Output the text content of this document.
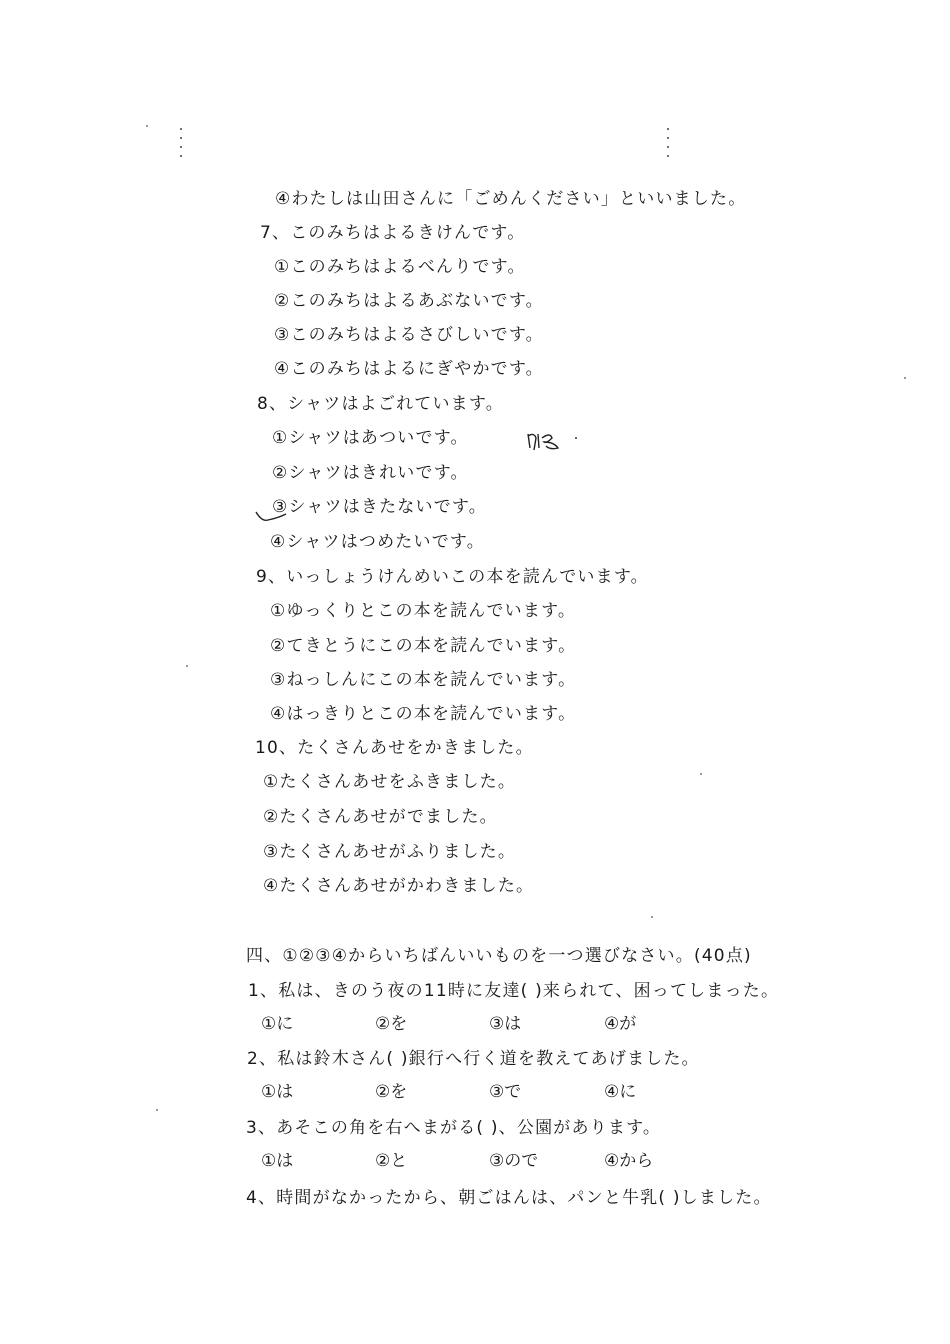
④わたしは山田さんに「ごめんください」といいました。
7、このみちはよるきけんです。
①このみちはよるべんりです。
②このみちはよるあぶないです。
③このみちはよるさびしいです。
④このみちはよるにぎやかです。
8、シャツはよごれています。
①シャツはあついです。
②シャツはきれいです。
③シャツはきたないです。
④シャツはつめたいです。
9、いっしょうけんめいこの本を読んでいます。
①ゆっくりとこの本を読んでいます。
②てきとうにこの本を読んでいます。
③ねっしんにこの本を読んでいます。
④はっきりとこの本を読んでいます。
10、たくさんあせをかきました。
①たくさんあせをふきました。
②たくさんあせがでました。
③たくさんあせがふりました。
④たくさんあせがかわきました。
四、①②③④からいちばんいいものを一つ選びなさい。(40点)
1、私は、きのう夜の11時に友達( )来られて、困ってしまった。
①に	②を	③は	④が
2、私は鈴木さん( )銀行へ行く道を教えてあげました。
①は	②を	③で	④に
3、あそこの角を右へまがる( )、公園があります。
①は	②と	③ので	④から
4、時間がなかったから、朝ごはんは、パンと牛乳( )しました。
